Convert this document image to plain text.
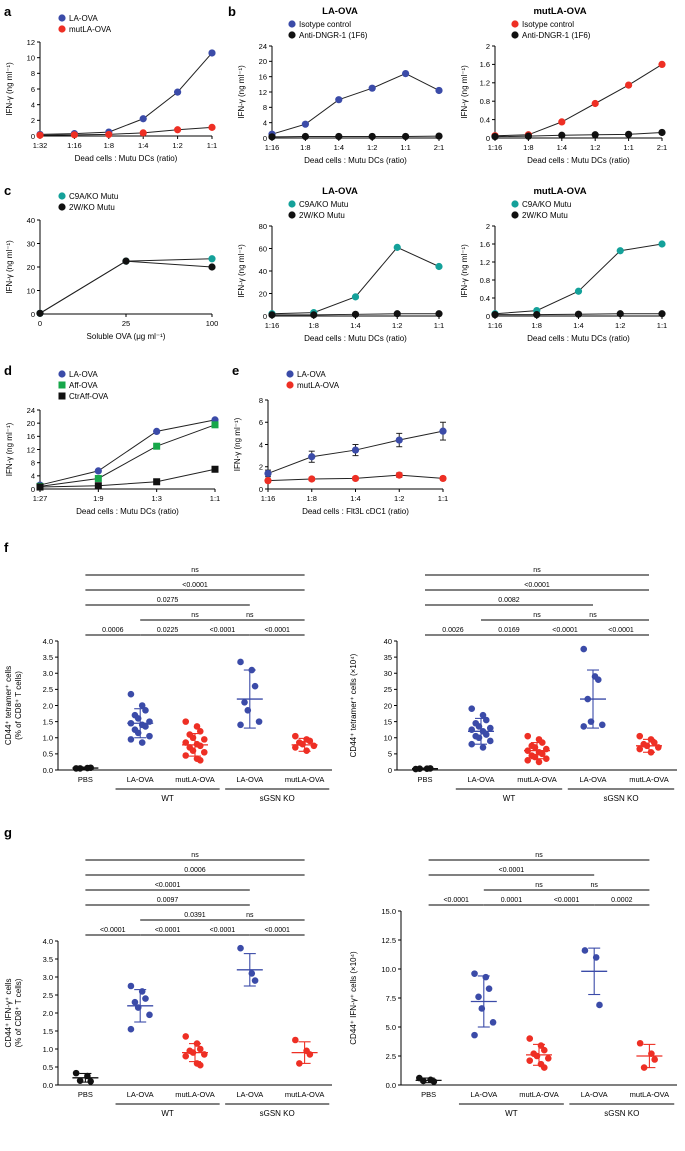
a
0
2
4
6
8
10
12
1:32	1:16	1:8	1:4	1:2	1:1
Dead cells : Mutu DCs (ratio)
IFN-γ (ng ml⁻¹)
LA-OVA
mutLA-OVA
b	LA-OVA
0
4
8
12
16
20
24
1:16	1:8	1:4	1:2	1:1	2:1
Dead cells : Mutu DCs (ratio)
IFN-γ (ng ml⁻¹)
Isotype control
Anti-DNGR-1 (1F6)
mutLA-OVA
0
0.4
0.8
1.2
1.6
2
1:16	1:8	1:4	1:2	1:1	2:1
Dead cells : Mutu DCs (ratio)
IFN-γ (ng ml⁻¹)
Isotype control
Anti-DNGR-1 (1F6)
c
0
10
20
30
40
0	25	100
Soluble OVA (μg ml⁻¹)
IFN-γ (ng ml⁻¹)
C9A/KO Mutu
2W/KO Mutu
LA-OVA
0
20
40
60
80
1:16	1:8	1:4	1:2	1:1
Dead cells : Mutu DCs (ratio)
IFN-γ (ng ml⁻¹)
C9A/KO Mutu
2W/KO Mutu
mutLA-OVA
0
0.4
0.8
1.2
1.6
2
1:16	1:8	1:4	1:2	1:1
Dead cells : Mutu DCs (ratio)
IFN-γ (ng ml⁻¹)
C9A/KO Mutu
2W/KO Mutu
d
0
4
8
12
16
20
24
1:27	1:9	1:3	1:1
Dead cells : Mutu DCs (ratio)
IFN-γ (ng ml⁻¹)
LA-OVA
Aff-OVA
CtrAff-OVA
e
0
2
4
6
8
1:16	1:8	1:4	1:2	1:1
Dead cells : Flt3L cDC1 (ratio)
IFN-γ (ng ml⁻¹)
LA-OVA
mutLA-OVA
f
0.0
0.5
1.0
1.5
2.0
2.5
3.0
3.5
4.0
CD44⁺ tetramer⁺ cells (% of CD8⁺ T cells)
PBS	LA-OVA	mutLA-OVA	LA-OVA	mutLA-OVA
WT	sGSN KO
0.0006	0.0225	<0.0001	<0.0001
ns	ns
0.0275
<0.0001
ns
0
5
10
15
20
25
30
35
40
CD44⁺ tetramer⁺ cells (×10⁴)
PBS	LA-OVA	mutLA-OVA	LA-OVA	mutLA-OVA
WT	sGSN KO
0.0026	0.0169	<0.0001	<0.0001
ns	ns
0.0082
<0.0001
ns
g
0.0
0.5
1.0
1.5
2.0
2.5
3.0
3.5
4.0
CD44⁺ IFN-γ⁺ cells (% of CD8⁺ T cells)
PBS	LA-OVA	mutLA-OVA	LA-OVA	mutLA-OVA
WT	sGSN KO
<0.0001	<0.0001	<0.0001	<0.0001
0.0391	ns
0.0097
<0.0001
0.0006
ns
0.0
2.5
5.0
7.5
10.0
12.5
15.0
CD44⁺ IFN-γ⁺ cells (×10⁴)
PBS	LA-OVA	mutLA-OVA	LA-OVA	mutLA-OVA
WT	sGSN KO
<0.0001	0.0001	<0.0001	0.0002
ns	ns
<0.0001
ns
